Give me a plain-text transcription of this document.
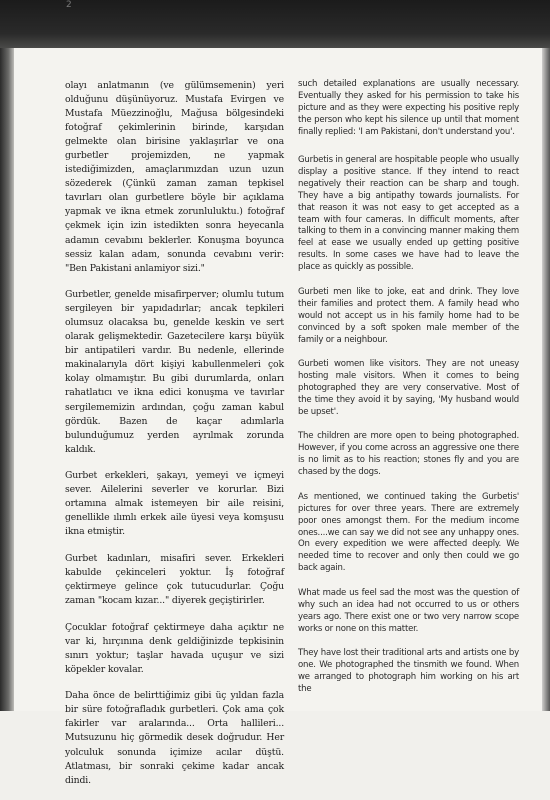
2

olayı anlatmanın (ve gülümsemenin) yeri olduğunu düşünüyoruz. Mustafa Evirgen ve Mustafa Müezzinoğlu, Mağusa bölgesindeki fotoğraf çekimlerinin birinde, karşıdan gelmekte olan birisine yaklaşırlar ve ona gurbetler projemizden, ne yapmak istediğimizden, amaçlarımızdan uzun uzun sözederek (Çünkü zaman zaman tepkisel tavırları olan gurbetlere böyle bir açıklama yapmak ve ikna etmek zorunluluktu.) fotoğraf çekmek için izin istedikten sonra heyecanla adamın cevabını beklerler. Konuşma boyunca sessiz kalan adam, sonunda cevabını verir: "Ben Pakistani anlamiyor sizi."

Gurbetler, genelde misafirperver; olumlu tutum sergileyen bir yapıdadırlar; ancak tepkileri olumsuz olacaksa bu, genelde keskin ve sert olarak gelişmektedir. Gazetecilere karşı büyük bir antipatileri vardır. Bu nedenle, ellerinde makinalarıyla dört kişiyi kabullenmeleri çok kolay olmamıştır. Bu gibi durumlarda, onları rahatlatıcı ve ikna edici konuşma ve tavırlar sergilememizin ardından, çoğu zaman kabul gördük. Bazen de kaçar adımlarla bulunduğumuz yerden ayrılmak zorunda kaldık.

Gurbet erkekleri, şakayı, yemeyi ve içmeyi sever. Ailelerini severler ve korurlar. Bizi ortamına almak istemeyen bir aile reisini, genellikle ılımlı erkek aile üyesi veya komşusu ikna etmiştir.

Gurbet kadınları, misafiri sever. Erkekleri kabulde çekinceleri yoktur. İş fotoğraf çektirmeye gelince çok tutucudurlar. Çoğu zaman "kocam kızar..." diyerek geçiştirirler.

Çocuklar fotoğraf çektirmeye daha açıktır ne var ki, hırçınına denk geldiğinizde tepkisinin sınırı yoktur; taşlar havada uçuşur ve sizi köpekler kovalar.

Daha önce de belirttiğimiz gibi üç yıldan fazla bir süre fotoğrafladık gurbetleri. Çok ama çok fakirler var aralarında... Orta hallileri... Mutsuzunu hiç görmedik desek doğrudur. Her yolculuk sonunda içimize acılar düştü. Atlatması, bir sonraki çekime kadar ancak dindi.

such detailed explanations are usually necessary. Eventually they asked for his permission to take his picture and as they were expecting his positive reply the person who kept his silence up until that moment finally replied: 'I am Pakistani, don't understand you'.

Gurbetis in general are hospitable people who usually display a positive stance. If they intend to react negatively their reaction can be sharp and tough. They have a big antipathy towards journalists. For that reason it was not easy to get accepted as a team with four cameras. In difficult moments, after talking to them in a convincing manner making them feel at ease we usually ended up getting positive results. In some cases we have had to leave the place as quickly as possible.

Gurbeti men like to joke, eat and drink. They love their families and protect them. A family head who would not accept us in his family home had to be convinced by a soft spoken male member of the family or a neighbour.

Gurbeti women like visitors. They are not uneasy hosting male visitors. When it comes to being photographed they are very conservative. Most of the time they avoid it by saying, 'My husband would be upset'.

The children are more open to being photographed. However, if you come across an aggressive one there is no limit as to his reaction; stones fly and you are chased by the dogs.

As mentioned, we continued taking the Gurbetis' pictures for over three years. There are extremely poor ones amongst them. For the medium income ones....we can say we did not see any unhappy ones. On every expedition we were affected deeply. We needed time to recover and only then could we go back again.

What made us feel sad the most was the question of why such an idea had not occurred to us or others years ago. There exist one or two very narrow scope works or none on this matter.

They have lost their traditional arts and artists one by one. We photographed the tinsmith we found. When we arranged to photograph him working on his art the
